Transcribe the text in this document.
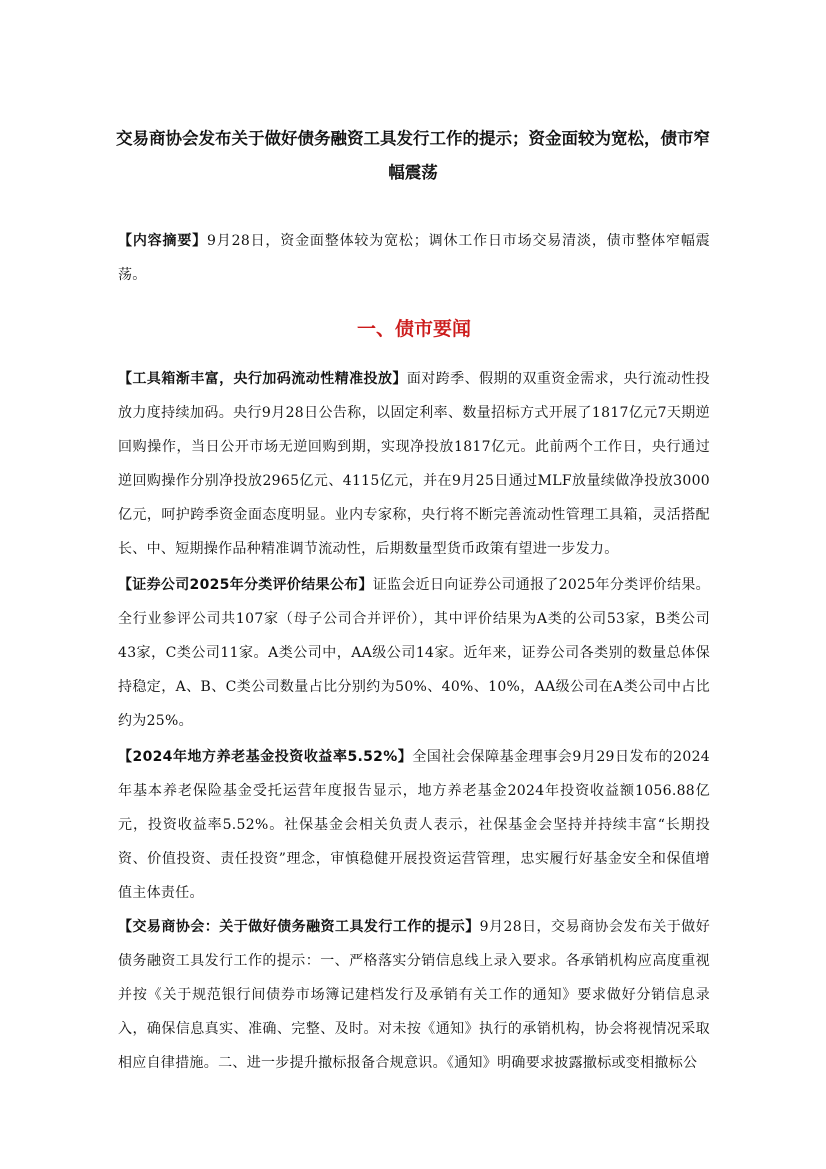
交易商协会发布关于做好债务融资工具发行工作的提示；资金面较为宽松，债市窄幅震荡

【内容摘要】9月28日，资金面整体较为宽松；调休工作日市场交易清淡，债市整体窄幅震荡。

一、债市要闻

【工具箱渐丰富，央行加码流动性精准投放】面对跨季、假期的双重资金需求，央行流动性投放力度持续加码。央行9月28日公告称，以固定利率、数量招标方式开展了1817亿元7天期逆回购操作，当日公开市场无逆回购到期，实现净投放1817亿元。此前两个工作日，央行通过逆回购操作分别净投放2965亿元、4115亿元，并在9月25日通过MLF放量续做净投放3000亿元，呵护跨季资金面态度明显。业内专家称，央行将不断完善流动性管理工具箱，灵活搭配长、中、短期操作品种精准调节流动性，后期数量型货币政策有望进一步发力。

【证券公司2025年分类评价结果公布】证监会近日向证券公司通报了2025年分类评价结果。全行业参评公司共107家（母子公司合并评价），其中评价结果为A类的公司53家，B类公司43家，C类公司11家。A类公司中，AA级公司14家。近年来，证券公司各类别的数量总体保持稳定，A、B、C类公司数量占比分别约为50%、40%、10%，AA级公司在A类公司中占比约为25%。

【2024年地方养老基金投资收益率5.52%】全国社会保障基金理事会9月29日发布的2024年基本养老保险基金受托运营年度报告显示，地方养老基金2024年投资收益额1056.88亿元，投资收益率5.52%。社保基金会相关负责人表示，社保基金会坚持并持续丰富“长期投资、价值投资、责任投资”理念，审慎稳健开展投资运营管理，忠实履行好基金安全和保值增值主体责任。

【交易商协会：关于做好债务融资工具发行工作的提示】9月28日，交易商协会发布关于做好债务融资工具发行工作的提示：一、严格落实分销信息线上录入要求。各承销机构应高度重视并按《关于规范银行间债券市场簿记建档发行及承销有关工作的通知》要求做好分销信息录入，确保信息真实、准确、完整、及时。对未按《通知》执行的承销机构，协会将视情况采取相应自律措施。二、进一步提升撤标报备合规意识。《通知》明确要求披露撤标或变相撤标公
